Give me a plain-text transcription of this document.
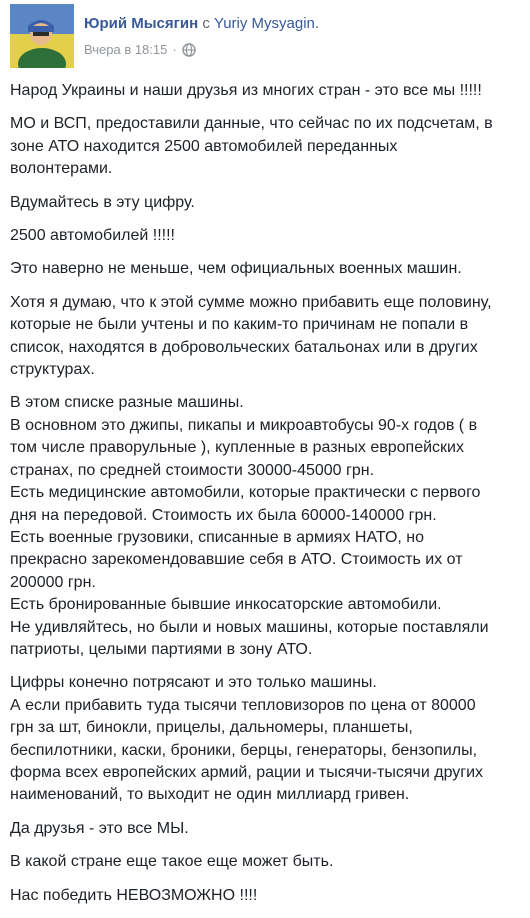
Юрий Мысягин с Yuriy Mysyagin.
Вчера в 18:15 ·

Народ Украины и наши друзья из многих стран - это все мы !!!!!

МО и ВСП, предоставили данные, что сейчас по их подсчетам, в
зоне АТО находится 2500 автомобилей переданных
волонтерами.

Вдумайтесь в эту цифру.

2500 автомобилей !!!!!

Это наверно не меньше, чем официальных военных машин.

Хотя я думаю, что к этой сумме можно прибавить еще половину,
которые не были учтены и по каким-то причинам не попали в
список, находятся в добровольческих батальонах или в других
структурах.

В этом списке разные машины.
В основном это джипы, пикапы и микроавтобусы 90-х годов ( в
том числе праворульные ), купленные в разных европейских
странах, по средней стоимости 30000-45000 грн.
Есть медицинские автомобили, которые практически с первого
дня на передовой. Стоимость их была 60000-140000 грн.
Есть военные грузовики, списанные в армиях НАТО, но
прекрасно зарекомендовавшие себя в АТО. Стоимость их от
200000 грн.
Есть бронированные бывшие инкосаторские автомобили.
Не удивляйтесь, но были и новых машины, которые поставляли
патриоты, целыми партиями в зону АТО.

Цифры конечно потрясают и это только машины.
А если прибавить туда тысячи тепловизоров по цена от 80000
грн за шт, бинокли, прицелы, дальномеры, планшеты,
беспилотники, каски, броники, берцы, генераторы, бензопилы,
форма всех европейских армий, рации и тысячи-тысячи других
наименований, то выходит не один миллиард гривен.

Да друзья - это все МЫ.

В какой стране еще такое еще может быть.

Нас победить НЕВОЗМОЖНО !!!!
